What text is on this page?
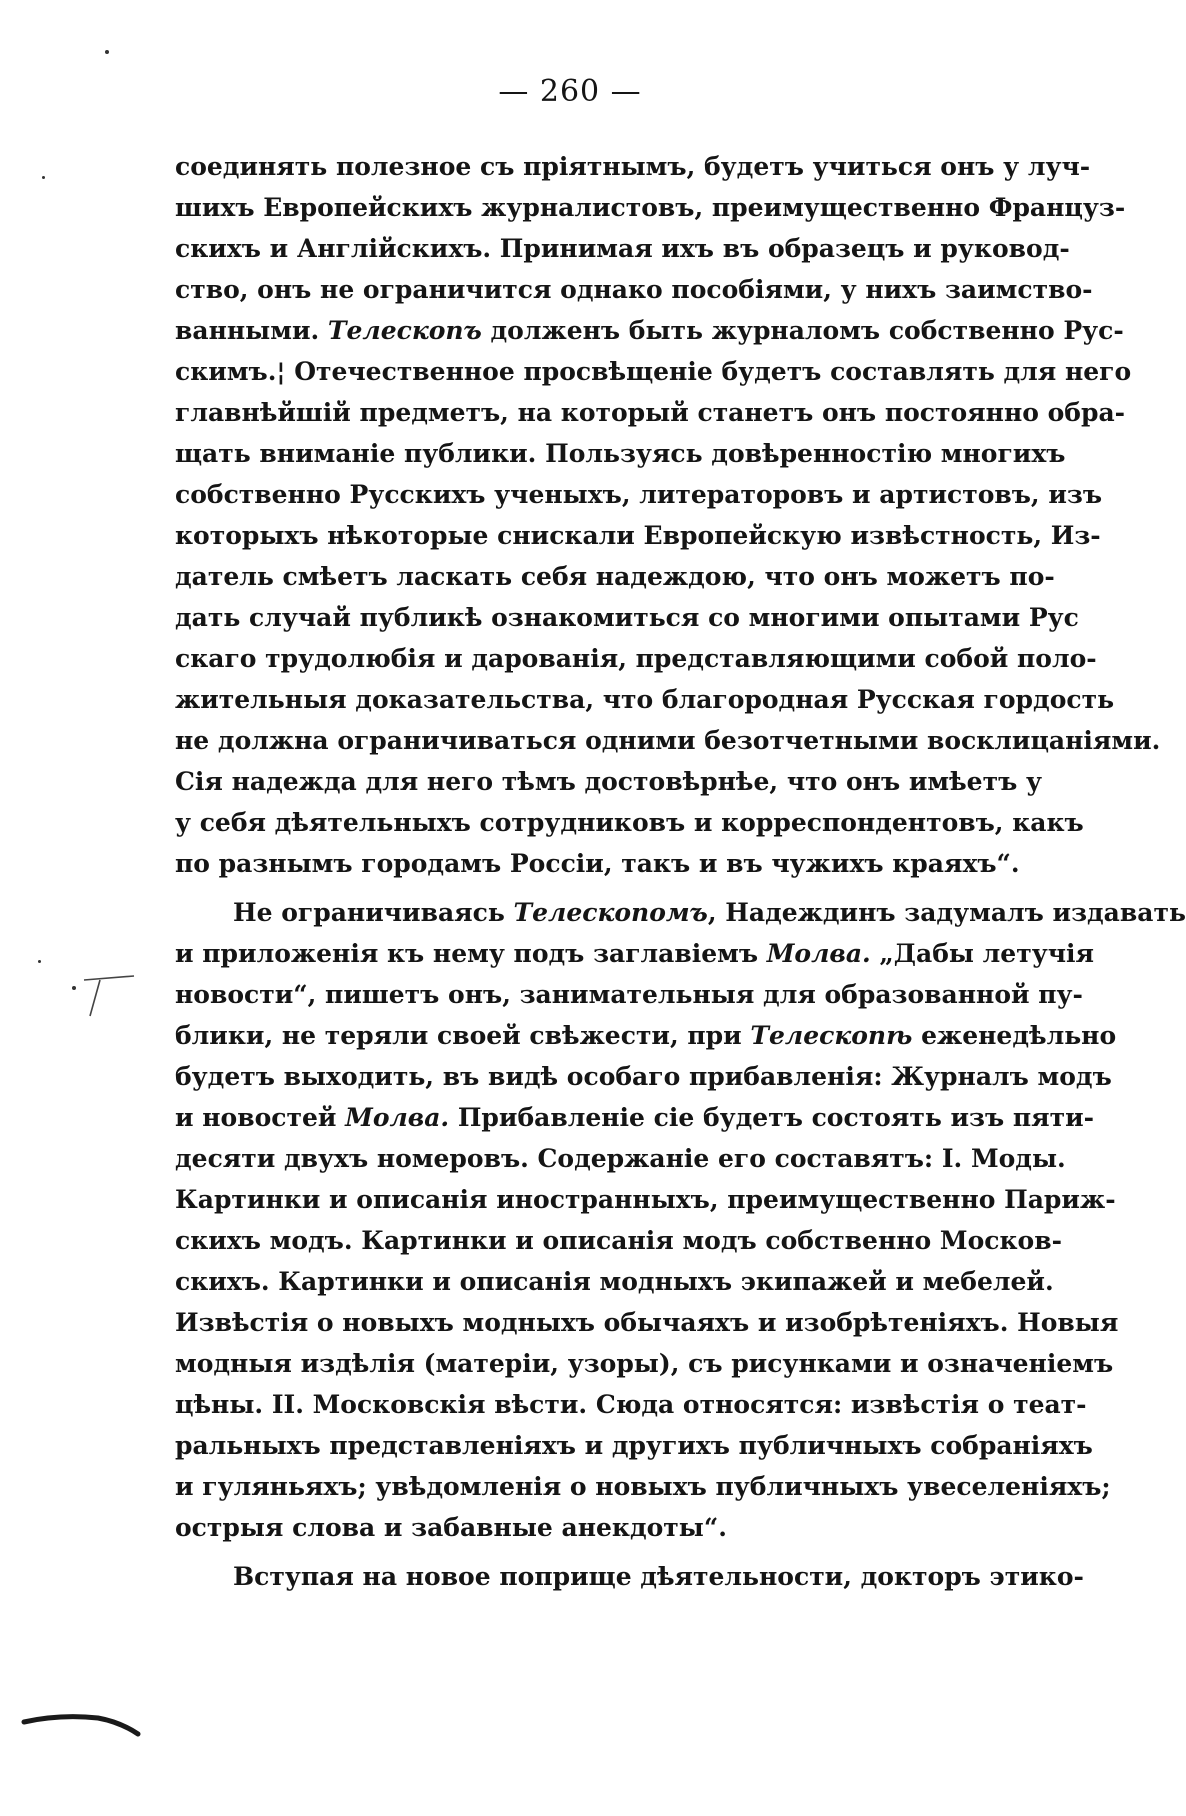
— 260 —
соединять полезное съ прiятнымъ, будетъ учиться онъ у луч-
шихъ Европейскихъ журналистовъ, преимущественно Француз-
скихъ и Англiйскихъ. Принимая ихъ въ образецъ и руковод-
ство, онъ не ограничится однако пособiями, у нихъ заимство-
ванными. Телескопъ долженъ быть журналомъ собственно Рус-
скимъ.¦ Отечественное просвѣщенiе будетъ составлять для него
главнѣйшiй предметъ, на который станетъ онъ постоянно обра-
щать вниманiе публики. Пользуясь довѣренностiю многихъ
собственно Русскихъ ученыхъ, литераторовъ и артистовъ, изъ
которыхъ нѣкоторые снискали Европейскую извѣстность, Из-
датель смѣетъ ласкать себя надеждою, что онъ можетъ по-
дать случай публикѣ ознакомиться со многими опытами Рус
скаго трудолюбiя и дарованiя, представляющими собой поло-
жительныя доказательства, что благородная Русская гордость
не должна ограничиваться одними безотчетными восклицанiями.
Сiя надежда для него тѣмъ достовѣрнѣе, что онъ имѣетъ у
у себя дѣятельныхъ сотрудниковъ и корреспондентовъ, какъ
по разнымъ городамъ Россiи, такъ и въ чужихъ краяхъ“.
Не ограничиваясь Телескопомъ, Надеждинъ задумалъ издавать
и приложенiя къ нему подъ заглавiемъ Молва. „Дабы летучiя
новости“, пишетъ онъ, занимательныя для образованной пу-
блики, не теряли своей свѣжести, при Телескопѣ еженедѣльно
будетъ выходить, въ видѣ особаго прибавленiя: Журналъ модъ
и новостей Молва. Прибавленiе сiе будетъ состоять изъ пяти-
десяти двухъ номеровъ. Содержанiе его составятъ: I. Моды.
Картинки и описанiя иностранныхъ, преимущественно Париж-
скихъ модъ. Картинки и описанiя модъ собственно Москов-
скихъ. Картинки и описанiя модныхъ экипажей и мебелей.
Извѣстiя о новыхъ модныхъ обычаяхъ и изобрѣтенiяхъ. Новыя
модныя издѣлiя (матерiи, узоры), съ рисунками и означенiемъ
цѣны. II. Московскiя вѣсти. Сюда относятся: извѣстiя о теат-
ральныхъ представленiяхъ и другихъ публичныхъ собранiяхъ
и гуляньяхъ; увѣдомленiя о новыхъ публичныхъ увеселенiяхъ;
острыя слова и забавные анекдоты“.
Вступая на новое поприще дѣятельности, докторъ этико-
